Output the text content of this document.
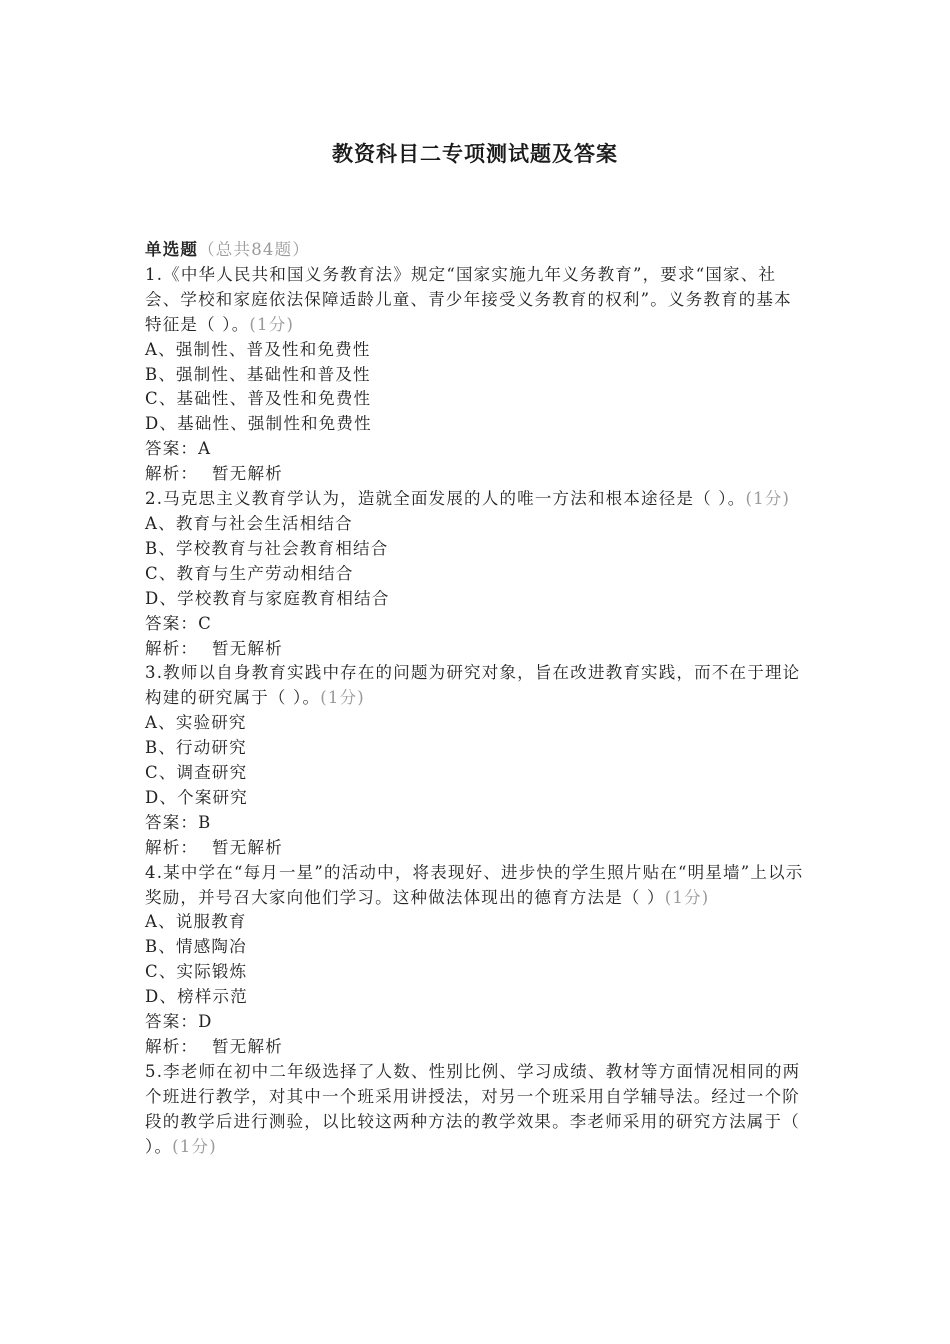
教资科目二专项测试题及答案

单选题（总共84题）

1.《中华人民共和国义务教育法》规定“国家实施九年义务教育”，要求“国家、社会、学校和家庭依法保障适龄儿童、青少年接受义务教育的权利”。义务教育的基本特征是（ ）。(1分)

A、强制性、普及性和免费性

B、强制性、基础性和普及性

C、基础性、普及性和免费性

D、基础性、强制性和免费性

答案：A

解析： 暂无解析

2.马克思主义教育学认为，造就全面发展的人的唯一方法和根本途径是（ ）。(1分)

A、教育与社会生活相结合

B、学校教育与社会教育相结合

C、教育与生产劳动相结合

D、学校教育与家庭教育相结合

答案：C

解析： 暂无解析

3.教师以自身教育实践中存在的问题为研究对象，旨在改进教育实践，而不在于理论构建的研究属于（ ）。(1分)

A、实验研究

B、行动研究

C、调查研究

D、个案研究

答案：B

解析： 暂无解析

4.某中学在“每月一星”的活动中，将表现好、进步快的学生照片贴在“明星墙”上以示奖励，并号召大家向他们学习。这种做法体现出的德育方法是（ ）(1分)

A、说服教育

B、情感陶冶

C、实际锻炼

D、榜样示范

答案：D

解析： 暂无解析

5.李老师在初中二年级选择了人数、性别比例、学习成绩、教材等方面情况相同的两个班进行教学，对其中一个班采用讲授法，对另一个班采用自学辅导法。经过一个阶段的教学后进行测验，以比较这两种方法的教学效果。李老师采用的研究方法属于（ ）。(1分)
